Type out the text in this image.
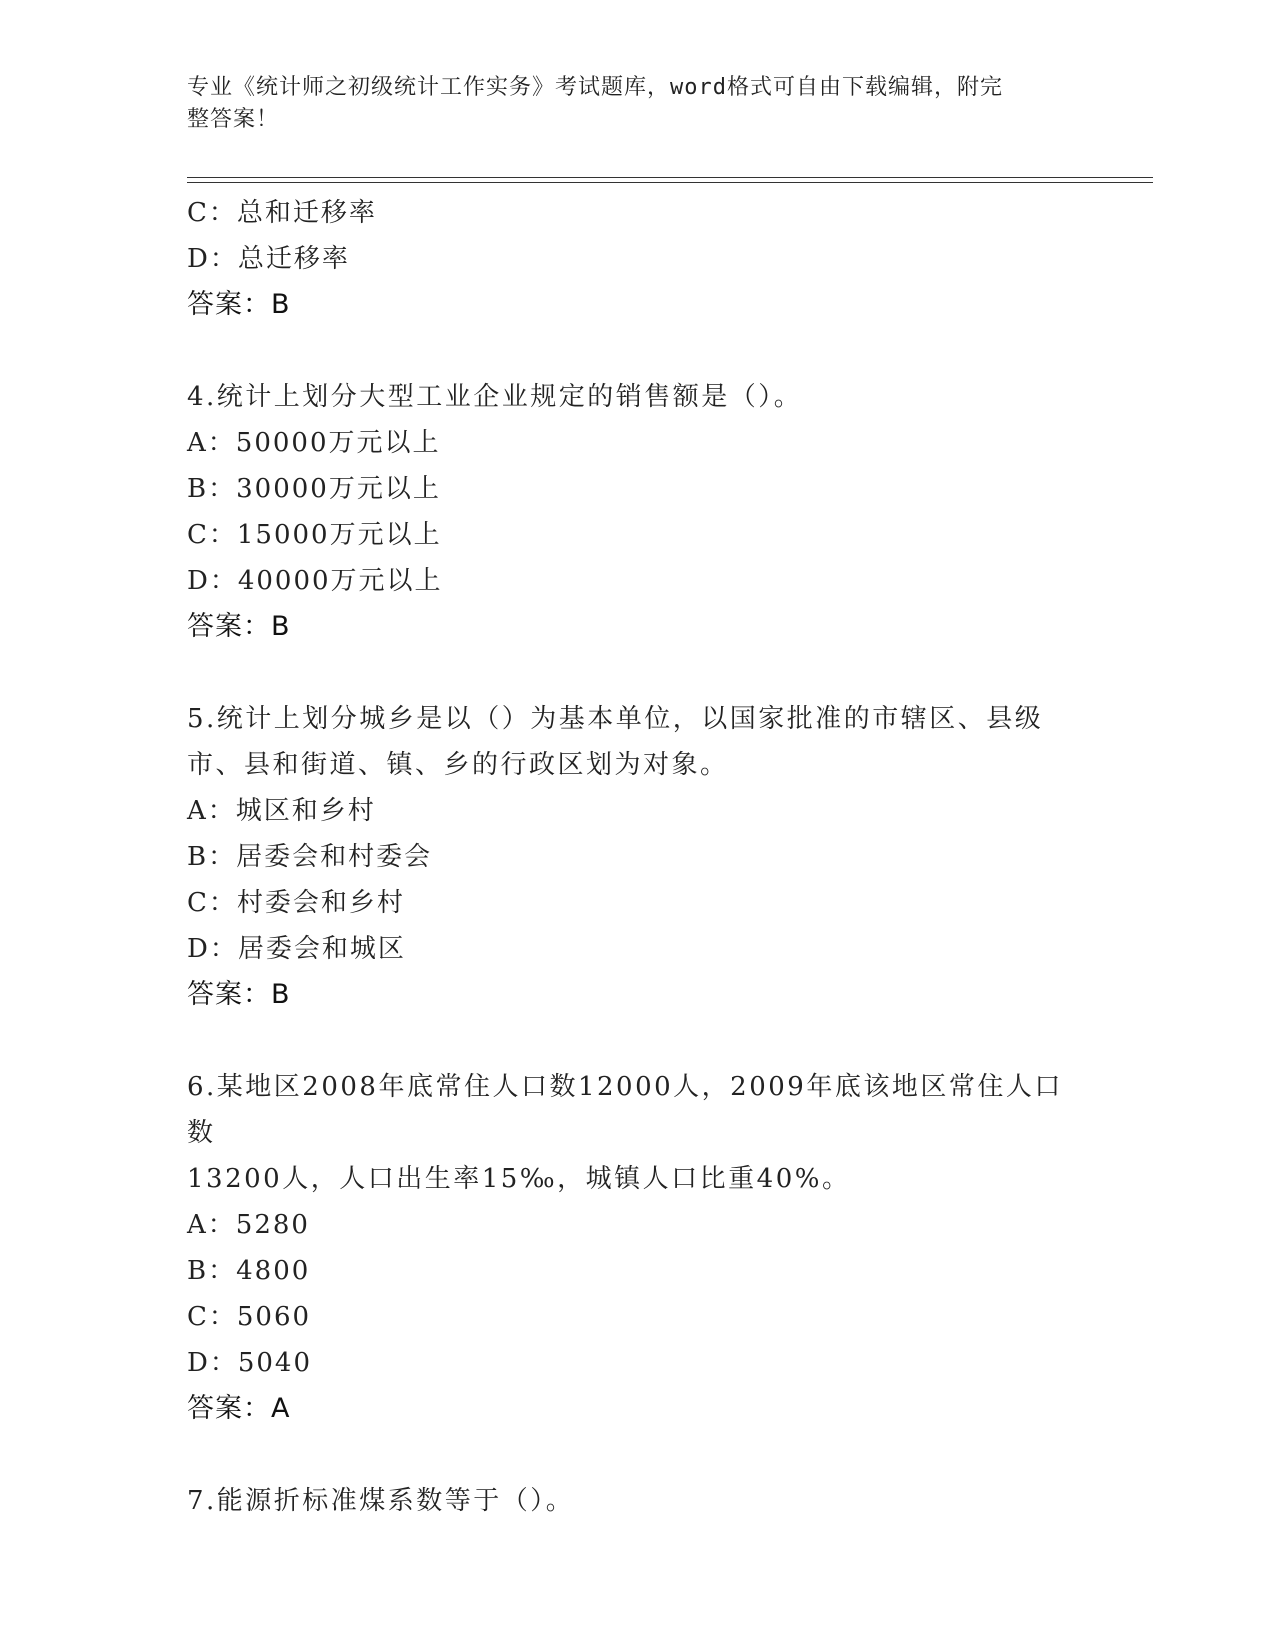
专业《统计师之初级统计工作实务》考试题库，word格式可自由下载编辑，附完
整答案！
C：总和迁移率
D：总迁移率
答案：B
4.统计上划分大型工业企业规定的销售额是（）。
A：50000万元以上
B：30000万元以上
C：15000万元以上
D：40000万元以上
答案：B
5.统计上划分城乡是以（）为基本单位，以国家批准的市辖区、县级
市、县和街道、镇、乡的行政区划为对象。
A：城区和乡村
B：居委会和村委会
C：村委会和乡村
D：居委会和城区
答案：B
6.某地区2008年底常住人口数12000人，2009年底该地区常住人口数
13200人，人口出生率15‰，城镇人口比重40%。
A：5280
B：4800
C：5060
D：5040
答案：A
7.能源折标准煤系数等于（）。
